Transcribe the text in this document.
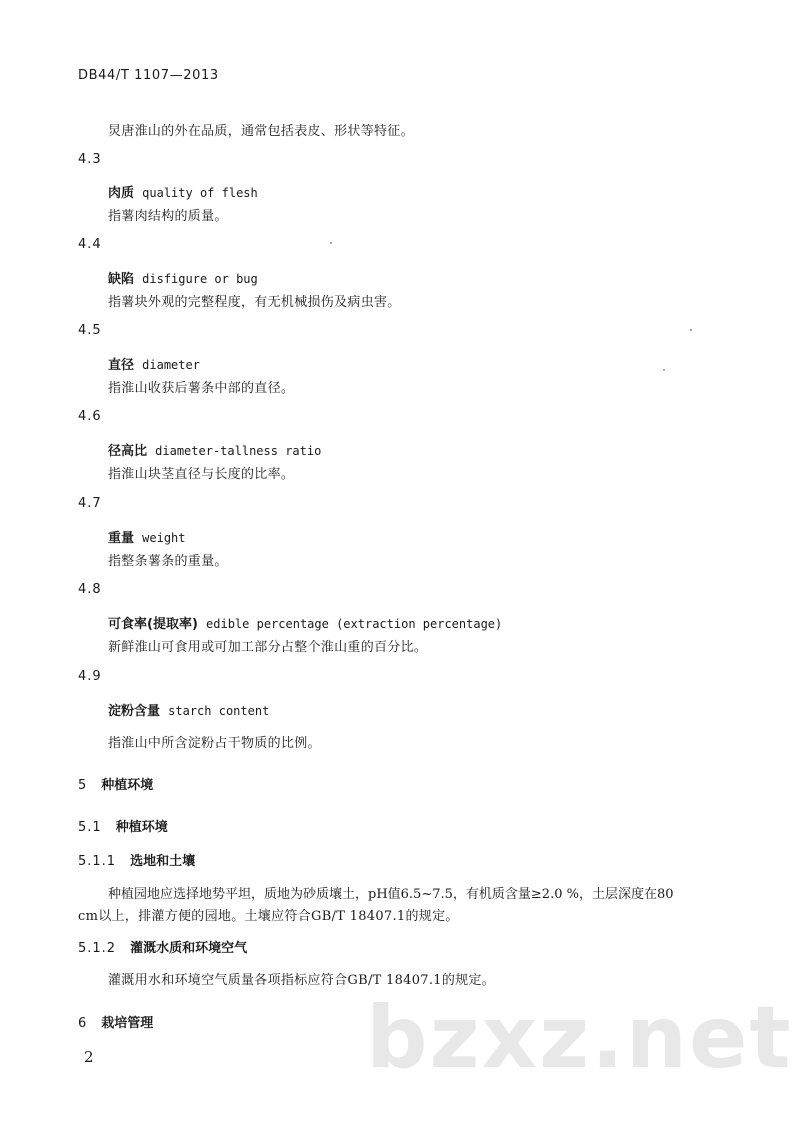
DB44/T 1107—2013
炅唐淮山的外在品质，通常包括表皮、形状等特征。
4.3
肉质 quality of flesh
指薯肉结构的质量。
4.4
缺陷 disfigure or bug
指薯块外观的完整程度，有无机械损伤及病虫害。
4.5
直径 diameter
指淮山收获后薯条中部的直径。
4.6
径高比 diameter-tallness ratio
指淮山块茎直径与长度的比率。
4.7
重量 weight
指整条薯条的重量。
4.8
可食率(提取率) edible percentage (extraction percentage)
新鲜淮山可食用或可加工部分占整个淮山重的百分比。
4.9
淀粉含量 starch content
指淮山中所含淀粉占干物质的比例。
5 种植环境
5.1 种植环境
5.1.1 选地和土壤
种植园地应选择地势平坦，质地为砂质壤土，pH值6.5~7.5，有机质含量≥2.0 %，土层深度在80
cm以上，排灌方便的园地。土壤应符合GB/T 18407.1的规定。
5.1.2 灌溉水质和环境空气
灌溉用水和环境空气质量各项指标应符合GB/T 18407.1的规定。
6 栽培管理 bzxz.net
2
